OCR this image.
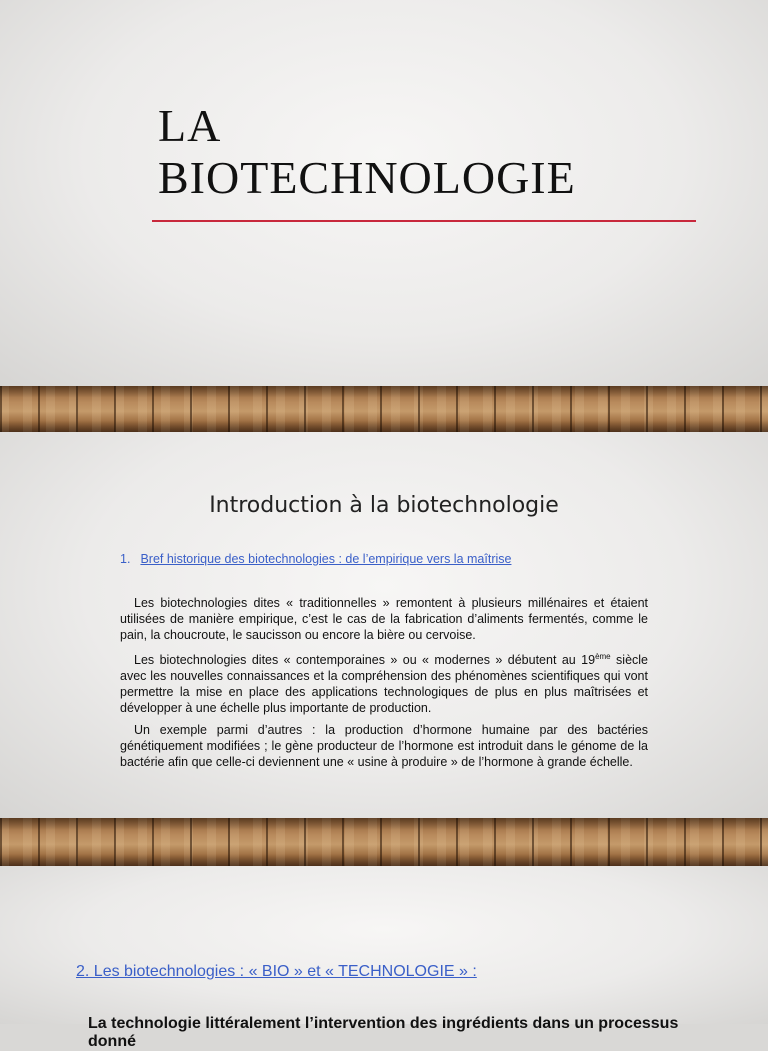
LA
BIOTECHNOLOGIE
Introduction à la biotechnologie
1. Bref historique des biotechnologies : de l’empirique vers la maîtrise

Les biotechnologies dites « traditionnelles » remontent à plusieurs millénaires et étaient utilisées de manière empirique, c’est le cas de la fabrication d’aliments fermentés, comme le pain, la choucroute, le saucisson ou encore la bière ou cervoise.

Les biotechnologies dites « contemporaines » ou « modernes » débutent au 19ème siècle avec les nouvelles connaissances et la compréhension des phénomènes scientifiques qui vont permettre la mise en place des applications technologiques de plus en plus maîtrisées et développer à une échelle plus importante de production.

Un exemple parmi d’autres : la production d’hormone humaine par des bactéries génétiquement modifiées ; le gène producteur de l’hormone est introduit dans le génome de la bactérie afin que celle-ci deviennent une « usine à produire » de l’hormone à grande échelle.

2. Les biotechnologies : « BIO » et « TECHNOLOGIE » :
La technologie littéralement l’intervention des ingrédients dans un processus donné
